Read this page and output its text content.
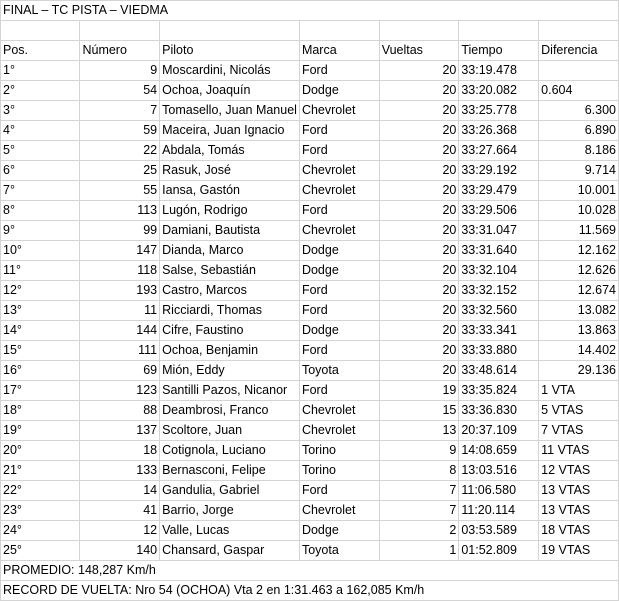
FINAL – TC PISTA – VIEDMA						

Pos.	Número	Piloto	Marca	Vueltas	Tiempo	Diferencia
1°	9	Moscardini, Nicolás	Ford	20	33:19.478	
2°	54	Ochoa, Joaquín	Dodge	20	33:20.082	0.604
3°	7	Tomasello, Juan Manuel	Chevrolet	20	33:25.778	6.300
4°	59	Maceira, Juan Ignacio	Ford	20	33:26.368	6.890
5°	22	Abdala, Tomás	Ford	20	33:27.664	8.186
6°	25	Rasuk, José	Chevrolet	20	33:29.192	9.714
7°	55	Iansa, Gastón	Chevrolet	20	33:29.479	10.001
8°	113	Lugón, Rodrigo	Ford	20	33:29.506	10.028
9°	99	Damiani, Bautista	Chevrolet	20	33:31.047	11.569
10°	147	Dianda, Marco	Dodge	20	33:31.640	12.162
11°	118	Salse, Sebastián	Dodge	20	33:32.104	12.626
12°	193	Castro, Marcos	Ford	20	33:32.152	12.674
13°	11	Ricciardi, Thomas	Ford	20	33:32.560	13.082
14°	144	Cifre, Faustino	Dodge	20	33:33.341	13.863
15°	111	Ochoa, Benjamin	Ford	20	33:33.880	14.402
16°	69	Mión, Eddy	Toyota	20	33:48.614	29.136
17°	123	Santilli Pazos, Nicanor	Ford	19	33:35.824	1 VTA
18°	88	Deambrosi, Franco	Chevrolet	15	33:36.830	5 VTAS
19°	137	Scoltore, Juan	Chevrolet	13	20:37.109	7 VTAS
20°	18	Cotignola, Luciano	Torino	9	14:08.659	11 VTAS
21°	133	Bernasconi, Felipe	Torino	8	13:03.516	12 VTAS
22°	14	Gandulia, Gabriel	Ford	7	11:06.580	13 VTAS
23°	41	Barrio, Jorge	Chevrolet	7	11:20.114	13 VTAS
24°	12	Valle, Lucas	Dodge	2	03:53.589	18 VTAS
25°	140	Chansard, Gaspar	Toyota	1	01:52.809	19 VTAS
PROMEDIO: 148,287 Km/h						
RECORD DE VUELTA: Nro 54 (OCHOA) Vta 2 en 1:31.463 a 162,085 Km/h						
